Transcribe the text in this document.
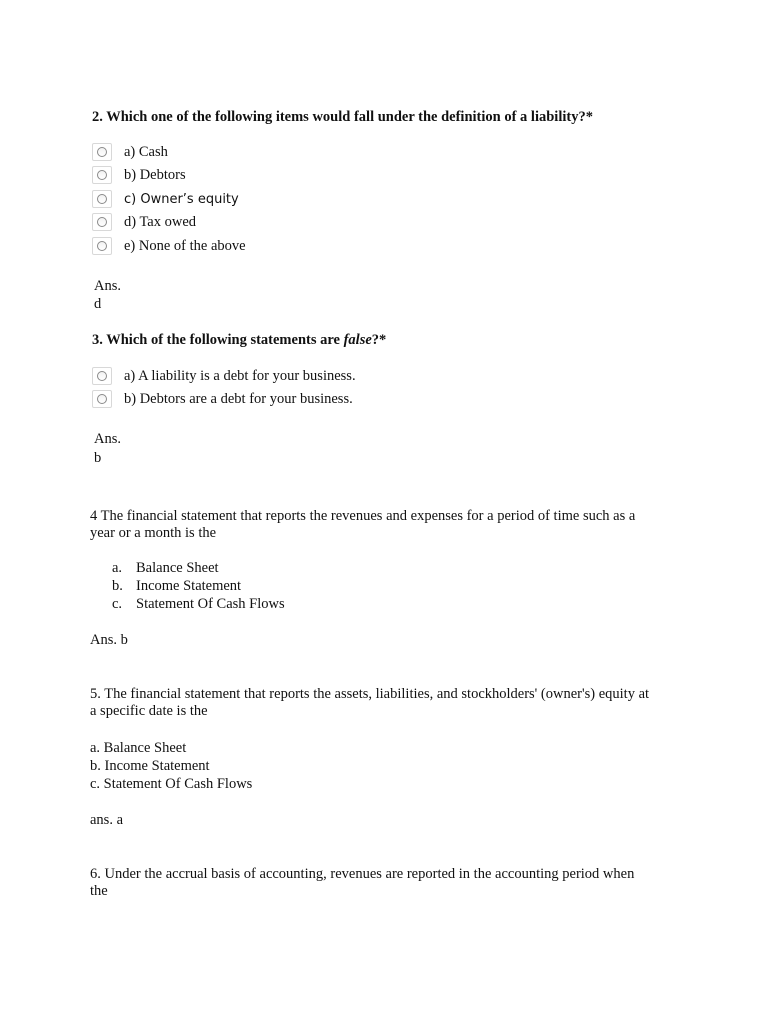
2. Which one of the following items would fall under the definition of a liability?*
a) Cash
b) Debtors
c) Owner’s equity
d) Tax owed
e) None of the above
Ans.
d
3. Which of the following statements are false?*
a) A liability is a debt for your business.
b) Debtors are a debt for your business.
Ans.
b
4 The financial statement that reports the revenues and expenses for a period of time such as a
year or a month is the
a. Balance Sheet
b. Income Statement
c. Statement Of Cash Flows
Ans. b
5. The financial statement that reports the assets, liabilities, and stockholders' (owner's) equity at
a specific date is the
a. Balance Sheet
b. Income Statement
c. Statement Of Cash Flows
ans. a
6. Under the accrual basis of accounting, revenues are reported in the accounting period when
the
